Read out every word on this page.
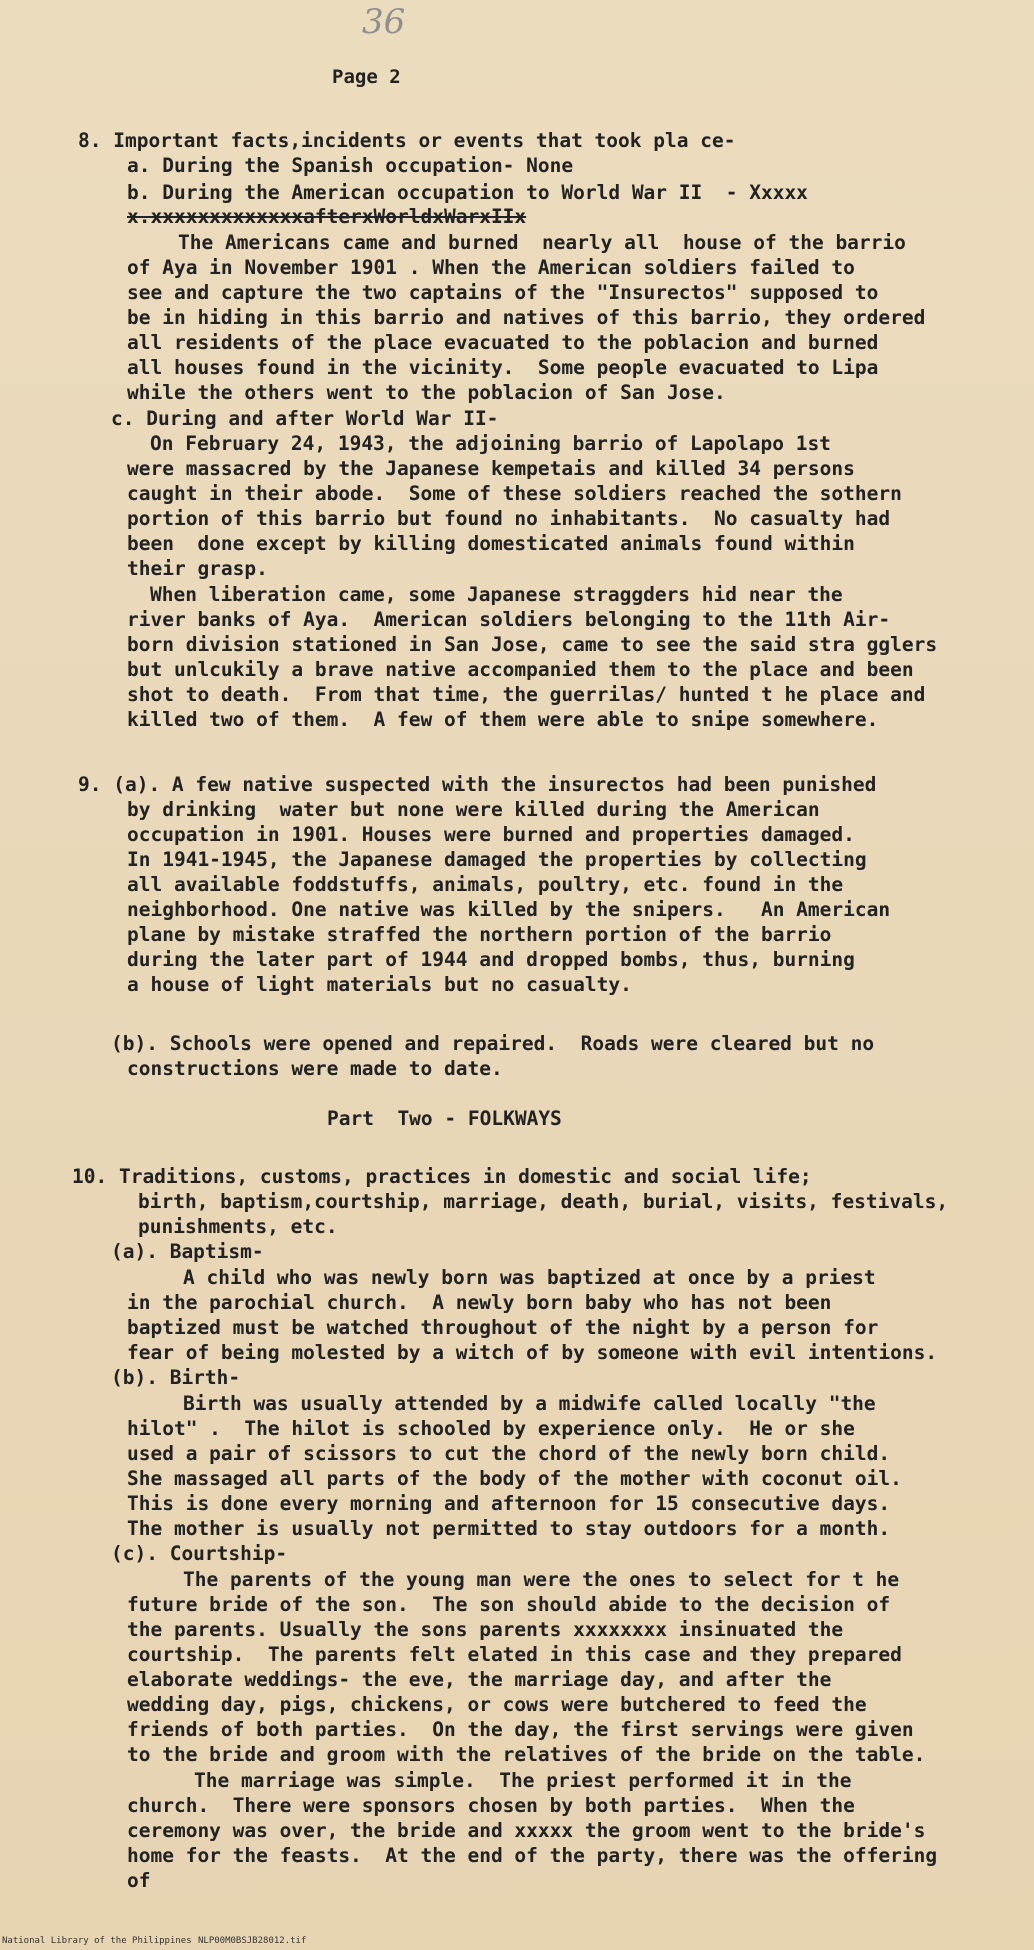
36
Page 2
8. Important facts,incidents or events that took pla ce-
a. During the Spanish occupation- None
b. During the American occupation to World War II  - Xxxxx
x.xxxxxxxxxxxxxafterxWorldxWarxIIx
The Americans came and burned  nearly all  house of the barrio
of Aya in November 1901 . When the American soldiers failed to
see and capture the two captains of the "Insurectos" supposed to
be in hiding in this barrio and natives of this barrio, they ordered
all residents of the place evacuated to the poblacion and burned
all houses found in the vicinity.  Some people evacuated to Lipa
while the others went to the poblacion of San Jose.
c. During and after World War II-
On February 24, 1943, the adjoining barrio of Lapolapo 1st
were massacred by the Japanese kempetais and killed 34 persons
caught in their abode.  Some of these soldiers reached the sothern
portion of this barrio but found no inhabitants.  No casualty had
been  done except by killing domesticated animals found within
their grasp.
When liberation came, some Japanese straggders hid near the
river banks of Aya.  American soldiers belonging to the 11th Air-
born division stationed in San Jose, came to see the said stra gglers
but unlcukily a brave native accompanied them to the place and been
shot to death.  From that time, the guerrilas/ hunted t he place and
killed two of them.  A few of them were able to snipe somewhere.
9. (a). A few native suspected with the insurectos had been punished
by drinking  water but none were killed during the American
occupation in 1901. Houses were burned and properties damaged.
In 1941-1945, the Japanese damaged the properties by collecting
all available foddstuffs, animals, poultry, etc. found in the
neighborhood. One native was killed by the snipers.   An American
plane by mistake straffed the northern portion of the barrio
during the later part of 1944 and dropped bombs, thus, burning
a house of light materials but no casualty.
(b). Schools were opened and repaired.  Roads were cleared but no
constructions were made to date.
Part  Two - FOLKWAYS
10. Traditions, customs, practices in domestic and social life;
birth, baptism,courtship, marriage, death, burial, visits, festivals,
punishments, etc.
(a). Baptism-
A child who was newly born was baptized at once by a priest
in the parochial church.  A newly born baby who has not been
baptized must be watched throughout of the night by a person for
fear of being molested by a witch of by someone with evil intentions.
(b). Birth-
Birth was usually attended by a midwife called locally "the
hilot" .  The hilot is schooled by experience only.  He or she
used a pair of scissors to cut the chord of the newly born child.
She massaged all parts of the body of the mother with coconut oil.
This is done every morning and afternoon for 15 consecutive days.
The mother is usually not permitted to stay outdoors for a month.
(c). Courtship-
The parents of the young man were the ones to select for t he
future bride of the son.  The son should abide to the decision of
the parents. Usually the sons parents xxxxxxxx insinuated the
courtship.  The parents felt elated in this case and they prepared
elaborate weddings- the eve, the marriage day, and after the
wedding day, pigs, chickens, or cows were butchered to feed the
friends of both parties.  On the day, the first servings were given
to the bride and groom with the relatives of the bride on the table.
The marriage was simple.  The priest performed it in the
church.  There were sponsors chosen by both parties.  When the
ceremony was over, the bride and xxxxx the groom went to the bride's
home for the feasts.  At the end of the party, there was the offering
of
National Library of the Philippines NLP00M0BSJB28012.tif
